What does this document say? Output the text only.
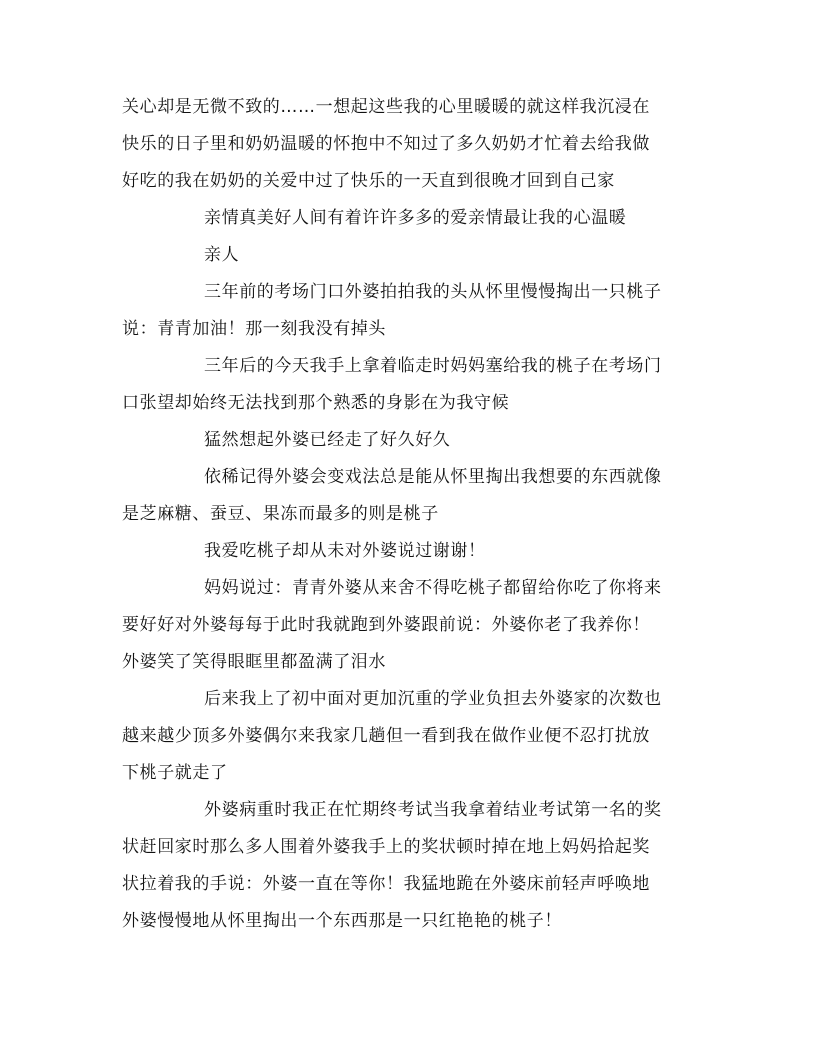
关心却是无微不致的……一想起这些我的心里暖暖的就这样我沉浸在
快乐的日子里和奶奶温暖的怀抱中不知过了多久奶奶才忙着去给我做
好吃的我在奶奶的关爱中过了快乐的一天直到很晚才回到自己家
亲情真美好人间有着许许多多的爱亲情最让我的心温暖
亲人
三年前的考场门口外婆拍拍我的头从怀里慢慢掏出一只桃子
说：青青加油！那一刻我没有掉头
三年后的今天我手上拿着临走时妈妈塞给我的桃子在考场门
口张望却始终无法找到那个熟悉的身影在为我守候
猛然想起外婆已经走了好久好久
依稀记得外婆会变戏法总是能从怀里掏出我想要的东西就像
是芝麻糖、蚕豆、果冻而最多的则是桃子
我爱吃桃子却从未对外婆说过谢谢！
妈妈说过：青青外婆从来舍不得吃桃子都留给你吃了你将来
要好好对外婆每每于此时我就跑到外婆跟前说：外婆你老了我养你！
外婆笑了笑得眼眶里都盈满了泪水
后来我上了初中面对更加沉重的学业负担去外婆家的次数也
越来越少顶多外婆偶尔来我家几趟但一看到我在做作业便不忍打扰放
下桃子就走了
外婆病重时我正在忙期终考试当我拿着结业考试第一名的奖
状赶回家时那么多人围着外婆我手上的奖状顿时掉在地上妈妈拾起奖
状拉着我的手说：外婆一直在等你！我猛地跪在外婆床前轻声呼唤地
外婆慢慢地从怀里掏出一个东西那是一只红艳艳的桃子！
